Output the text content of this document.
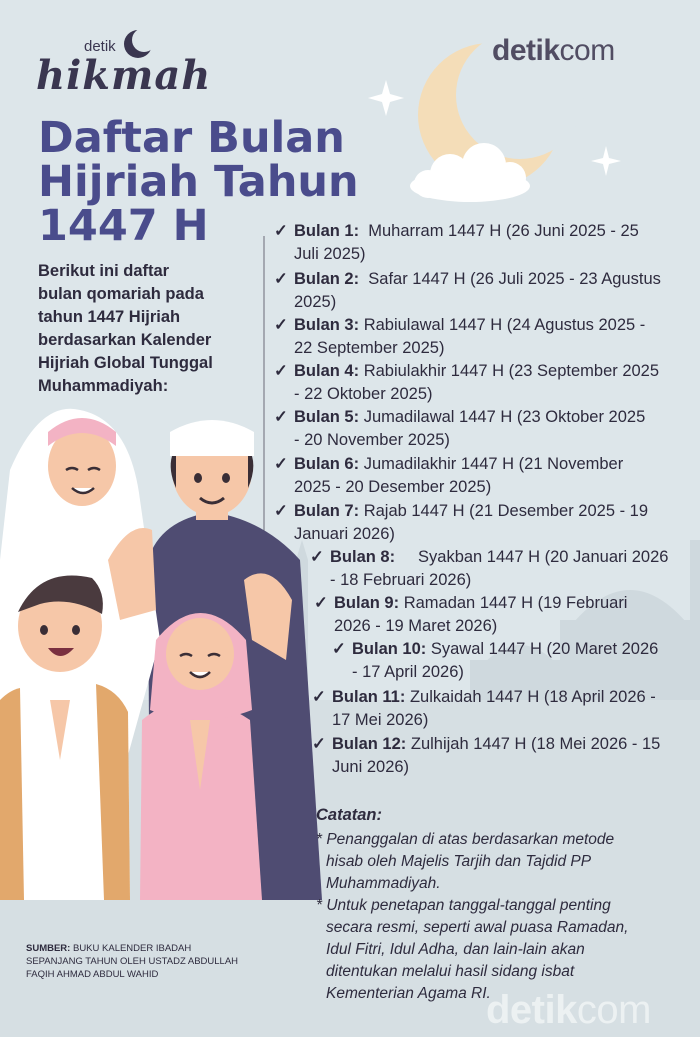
detik
hikmah
detikcom
Daftar Bulan
Hijriah Tahun
1447 H
Berikut ini daftar
bulan qomariah pada
tahun 1447 Hijriah
berdasarkan Kalender
Hijriah Global Tunggal
Muhammadiyah:
✓ Bulan 1: Muharram 1447 H (26 Juni 2025 - 25
Juli 2025)
✓ Bulan 2: Safar 1447 H (26 Juli 2025 - 23 Agustus
2025)
✓ Bulan 3: Rabiulawal 1447 H (24 Agustus 2025 -
22 September 2025)
✓ Bulan 4: Rabiulakhir 1447 H (23 September 2025
- 22 Oktober 2025)
✓ Bulan 5: Jumadilawal 1447 H (23 Oktober 2025
- 20 November 2025)
✓ Bulan 6: Jumadilakhir 1447 H (21 November
2025 - 20 Desember 2025)
✓ Bulan 7: Rajab 1447 H (21 Desember 2025 - 19
Januari 2026)
✓ Bulan 8: Syakban 1447 H (20 Januari 2026
- 18 Februari 2026)
✓ Bulan 9: Ramadan 1447 H (19 Februari
2026 - 19 Maret 2026)
✓ Bulan 10: Syawal 1447 H (20 Maret 2026
- 17 April 2026)
✓ Bulan 11: Zulkaidah 1447 H (18 April 2026 -
17 Mei 2026)
✓ Bulan 12: Zulhijah 1447 H (18 Mei 2026 - 15
Juni 2026)
Catatan:
* Penanggalan di atas berdasarkan metode
hisab oleh Majelis Tarjih dan Tajdid PP
Muhammadiyah.
* Untuk penetapan tanggal-tanggal penting
secara resmi, seperti awal puasa Ramadan,
Idul Fitri, Idul Adha, dan lain-lain akan
ditentukan melalui hasil sidang isbat
Kementerian Agama RI.
SUMBER: BUKU KALENDER IBADAH
SEPANJANG TAHUN OLEH USTADZ ABDULLAH
FAQIH AHMAD ABDUL WAHID
detikcom
